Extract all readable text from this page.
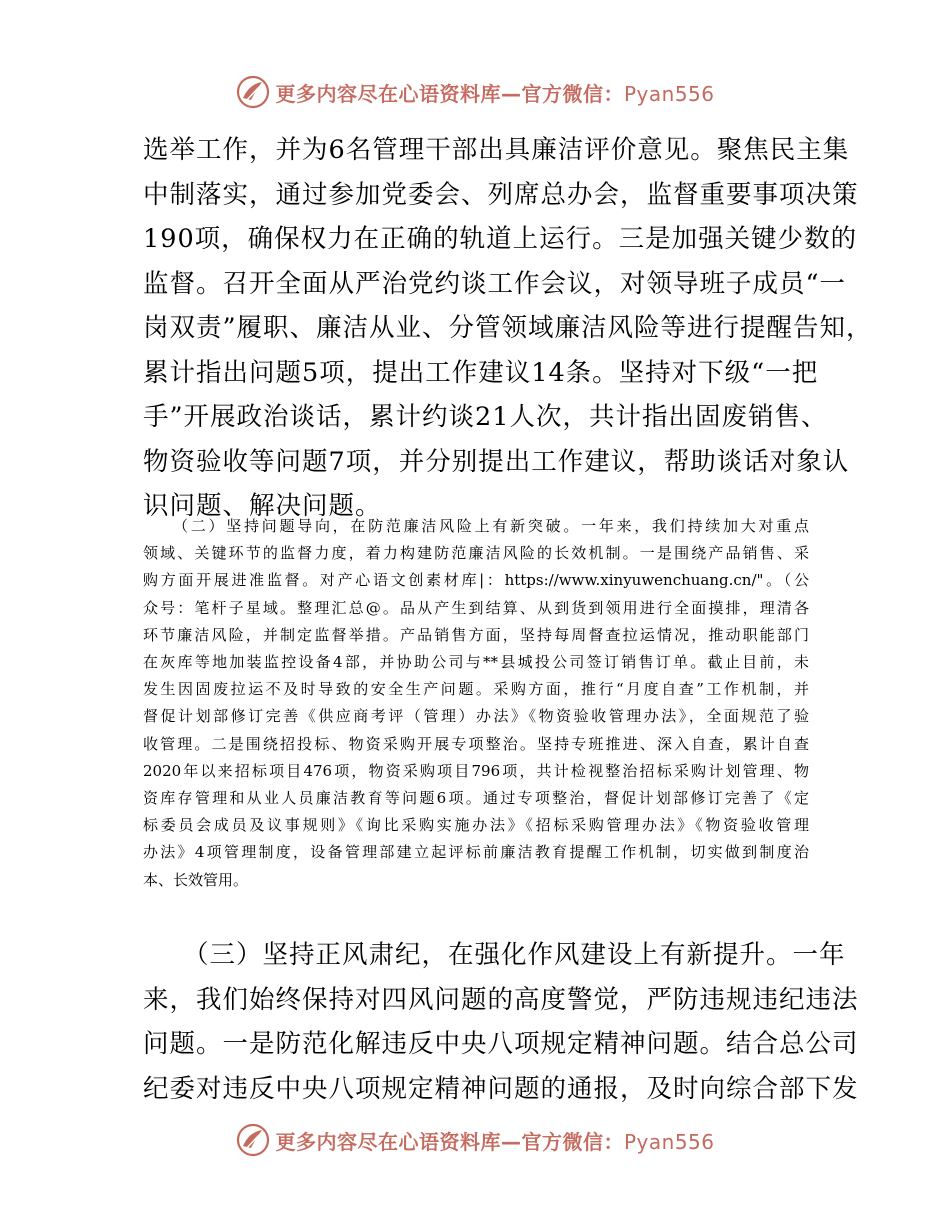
更多内容尽在心语资料库—官方微信：Pyan556
选举工作，并为6名管理干部出具廉洁评价意见。聚焦民主集
中制落实，通过参加党委会、列席总办会，监督重要事项决策
190项，确保权力在正确的轨道上运行。三是加强关键少数的
监督。召开全面从严治党约谈工作会议，对领导班子成员“一
岗双责”履职、廉洁从业、分管领域廉洁风险等进行提醒告知，
累计指出问题5项，提出工作建议14条。坚持对下级“一把
手”开展政治谈话，累计约谈21人次，共计指出固废销售、
物资验收等问题7项，并分别提出工作建议，帮助谈话对象认
识问题、解决问题。
（二）坚持问题导向，在防范廉洁风险上有新突破。一年来，我们持续加大对重点
领域、关键环节的监督力度，着力构建防范廉洁风险的长效机制。一是围绕产品销售、采
购方面开展进准监督。对产心语文创素材库|：https://www.xinyuwenchuang.cn/"。（公
众号：笔杆子星域。整理汇总@。品从产生到结算、从到货到领用进行全面摸排，理清各
环节廉洁风险，并制定监督举措。产品销售方面，坚持每周督查拉运情况，推动职能部门
在灰库等地加装监控设备4部，并协助公司与**县城投公司签订销售订单。截止目前，未
发生因固废拉运不及时导致的安全生产问题。采购方面，推行“月度自查”工作机制，并
督促计划部修订完善《供应商考评（管理）办法》《物资验收管理办法》，全面规范了验
收管理。二是围绕招投标、物资采购开展专项整治。坚持专班推进、深入自查，累计自查
2020年以来招标项目476项，物资采购项目796项，共计检视整治招标采购计划管理、物
资库存管理和从业人员廉洁教育等问题6项。通过专项整治，督促计划部修订完善了《定
标委员会成员及议事规则》《询比采购实施办法》《招标采购管理办法》《物资验收管理
办法》4项管理制度，设备管理部建立起评标前廉洁教育提醒工作机制，切实做到制度治
本、长效管用。
（三）坚持正风肃纪，在强化作风建设上有新提升。一年
来，我们始终保持对四风问题的高度警觉，严防违规违纪违法
问题。一是防范化解违反中央八项规定精神问题。结合总公司
纪委对违反中央八项规定精神问题的通报，及时向综合部下发
更多内容尽在心语资料库—官方微信：Pyan556
